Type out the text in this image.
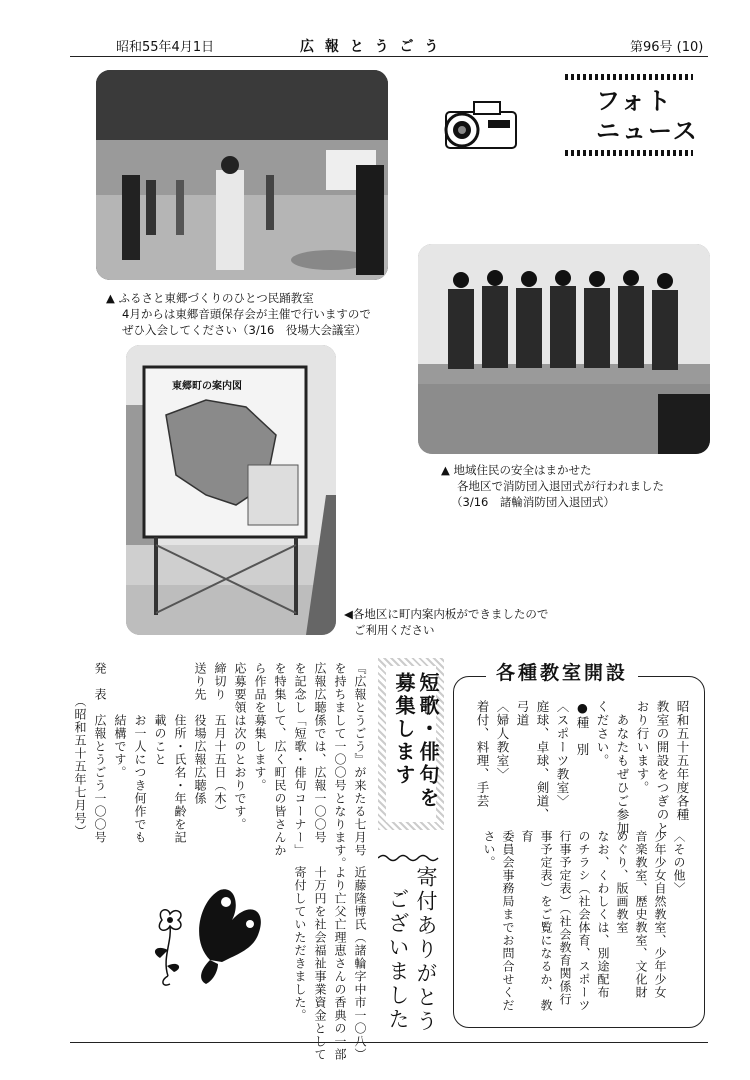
昭和55年4月1日	広 報 と う ご う	第96号 (10)
▲ ふるさと東郷づくりのひとつ民踊教室
4月からは東郷音頭保存会が主催で行いますので
ぜひ入会してください（3/16　役場大会議室）
フォト
ニュース
▲ 地域住民の安全はまかせた
各地区で消防団入退団式が行われました
（3/16　諸輪消防団入退団式）
東郷町の案内図
◀各地区に町内案内板ができましたので
ご利用ください
各種教室開設
昭和五十五年度各種
教室の開設をつぎのと
おり行います。
　あなたもぜひご参加
ください。
●種　別
〈スポーツ教室〉
庭球、卓球、剣道、
弓道
〈婦人教室〉
着付、料理、手芸
〈その他〉
少年少女自然教室、少年少女
音楽教室、歴史教室、文化財
めぐり、版画教室
なお、くわしくは、別途配布
のチラシ（社会体育、スポーツ
行事予定表）（社会教育関係行
事予定表）をご覧になるか、教育
委員会事務局までお問合せくだ
さい。
短歌・俳句を
募集します
『広報とうごう』が来たる七月号
を持ちまして一〇〇号となります。
広報広聴係では、広報一〇〇号
を記念し「短歌・俳句コーナー」
を特集して、広く町民の皆さんか
ら作品を募集します。
応募要領は次のとおりです。
締切り　五月十五日（木）
送り先　役場広報広聴係
　　　　住所・氏名・年齢を記
　　　　載のこと
　　　　お一人につき何作でも
　　　　結構です。
発　表　広報とうごう一〇〇号
　　　（昭和五十五年七月号）
寄付ありがとう
ございました
近藤隆博氏（諸輪字中市一〇八）
より亡父亡理恵さんの香典の一部
十万円を社会福祉事業資金として
寄付していただきました。
